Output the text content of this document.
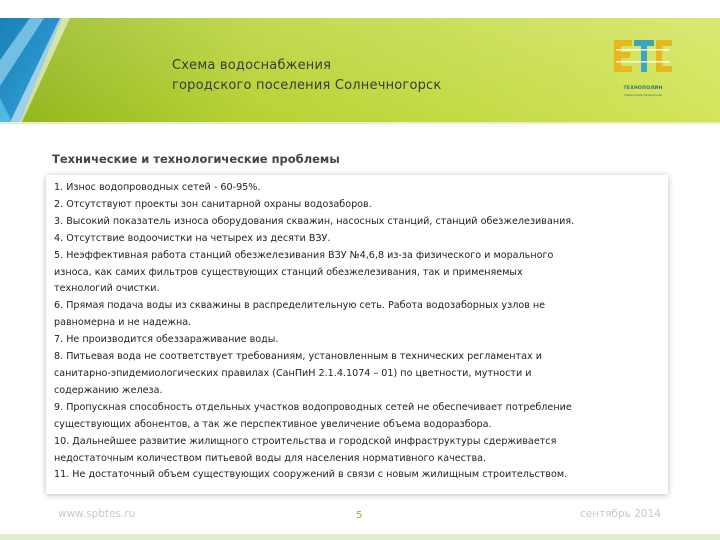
Схема водоснабжения
городского поселения Солнечногорск	ТЕХНОПОЛИН
Территория Технологий
Технические и технологические проблемы
1. Износ водопроводных сетей - 60-95%.
2. Отсутствуют проекты зон санитарной охраны водозаборов.
3. Высокий показатель износа оборудования скважин, насосных станций, станций обезжелезивания.
4. Отсутствие водоочистки на четырех из десяти ВЗУ.
5. Неэффективная работа станций обезжелезивания ВЗУ №4,6,8 из-за физического и морального
износа, как самих фильтров существующих станций обезжелезивания, так и применяемых
технологий очистки.
6. Прямая подача воды из скважины в распределительную сеть. Работа водозаборных узлов не
равномерна и не надежна.
7. Не производится обеззараживание воды.
8. Питьевая вода не соответствует требованиям, установленным в технических регламентах и
санитарно-эпидемиологических правилах (СанПиН 2.1.4.1074 – 01) по цветности, мутности и
содержанию железа.
9. Пропускная способность отдельных участков водопроводных сетей не обеспечивает потребление
существующих абонентов, а так же перспективное увеличение объема водоразбора.
10. Дальнейшее развитие жилищного строительства и городской инфраструктуры сдерживается
недостаточным количеством питьевой воды для населения нормативного качества.
11. Не достаточный объем существующих сооружений в связи с новым жилищным строительством.
www.spbtes.ru	5	сентябрь 2014
